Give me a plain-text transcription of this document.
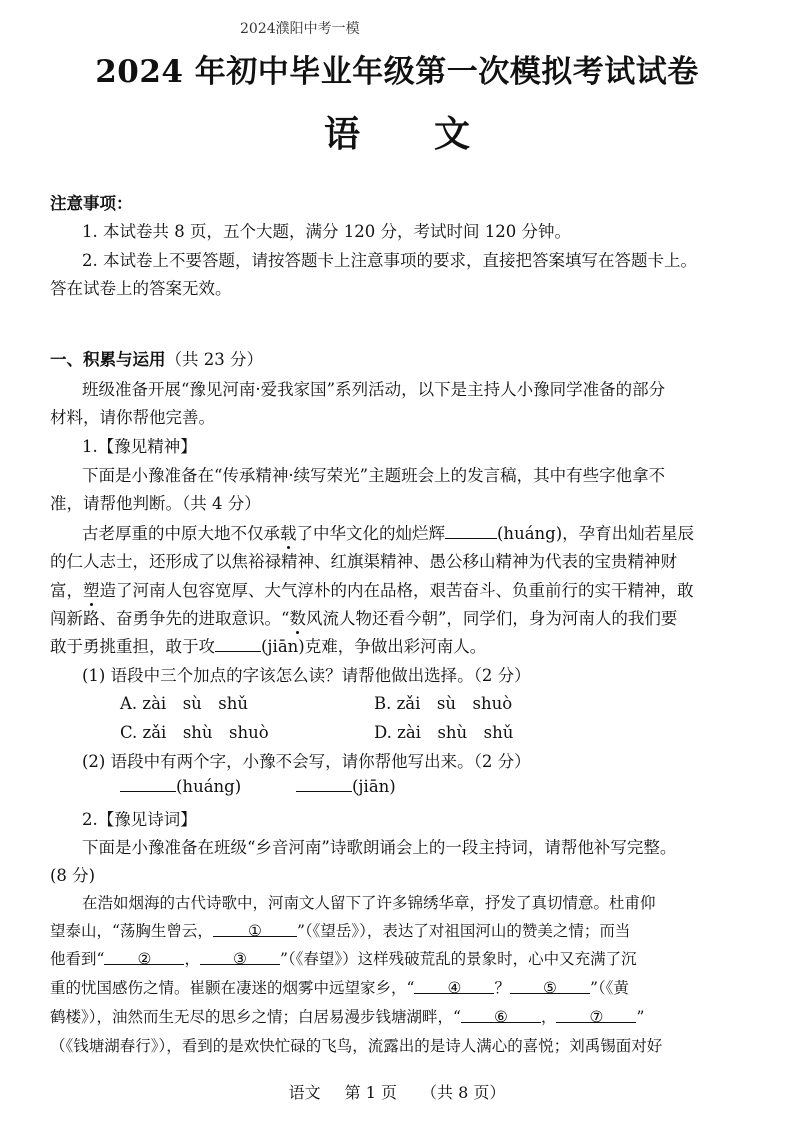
2024濮阳中考一模
2024 年初中毕业年级第一次模拟考试试卷
语文
注意事项：
1. 本试卷共 8 页，五个大题，满分 120 分，考试时间 120 分钟。
2. 本试卷上不要答题，请按答题卡上注意事项的要求，直接把答案填写在答题卡上。
答在试卷上的答案无效。
一、积累与运用（共 23 分）
班级准备开展“豫见河南·爱我家国”系列活动，以下是主持人小豫同学准备的部分
材料，请你帮他完善。
1.【豫见精神】
下面是小豫准备在“传承精神·续写荣光”主题班会上的发言稿，其中有些字他拿不
准，请帮他判断。（共 4 分）
古老厚重的中原大地不仅承载了中华文化的灿烂辉	(huáng)，孕育出灿若星辰
的仁人志士，还形成了以焦裕禄精神、红旗渠精神、愚公移山精神为代表的宝贵精神财
富，塑造了河南人包容宽厚、大气淳朴的内在品格，艰苦奋斗、负重前行的实干精神，敢
闯新路、奋勇争先的进取意识。“数风流人物还看今朝”，同学们，身为河南人的我们要
敢于勇挑重担，敢于攻	(jiān)克难，争做出彩河南人。
(1) 语段中三个加点的字该怎么读？请帮他做出选择。（2 分）
A. zài　sù　shǔ	B. zǎi　sù　shuò
C. zǎi　shù　shuò	D. zài　shù　shǔ
(2) 语段中有两个字，小豫不会写，请你帮他写出来。（2 分）
(huáng)	(jiān)
2.【豫见诗词】
下面是小豫准备在班级“乡音河南”诗歌朗诵会上的一段主持词，请帮他补写完整。
(8 分)
在浩如烟海的古代诗歌中，河南文人留下了许多锦绣华章，抒发了真切情意。杜甫仰
望泰山，“荡胸生曾云， ① ”（《望岳》），表达了对祖国河山的赞美之情；而当
他看到“ ② ， ③ ”（《春望》）这样残破荒乱的景象时，心中又充满了沉
重的忧国感伤之情。崔颢在凄迷的烟雾中远望家乡，“ ④ ？ ⑤ ”（《黄
鹤楼》），油然而生无尽的思乡之情；白居易漫步钱塘湖畔，“ ⑥ ， ⑦ ”
（《钱塘湖春行》），看到的是欢快忙碌的飞鸟，流露出的是诗人满心的喜悦；刘禹锡面对好
语文 第 1 页 （共 8 页）
